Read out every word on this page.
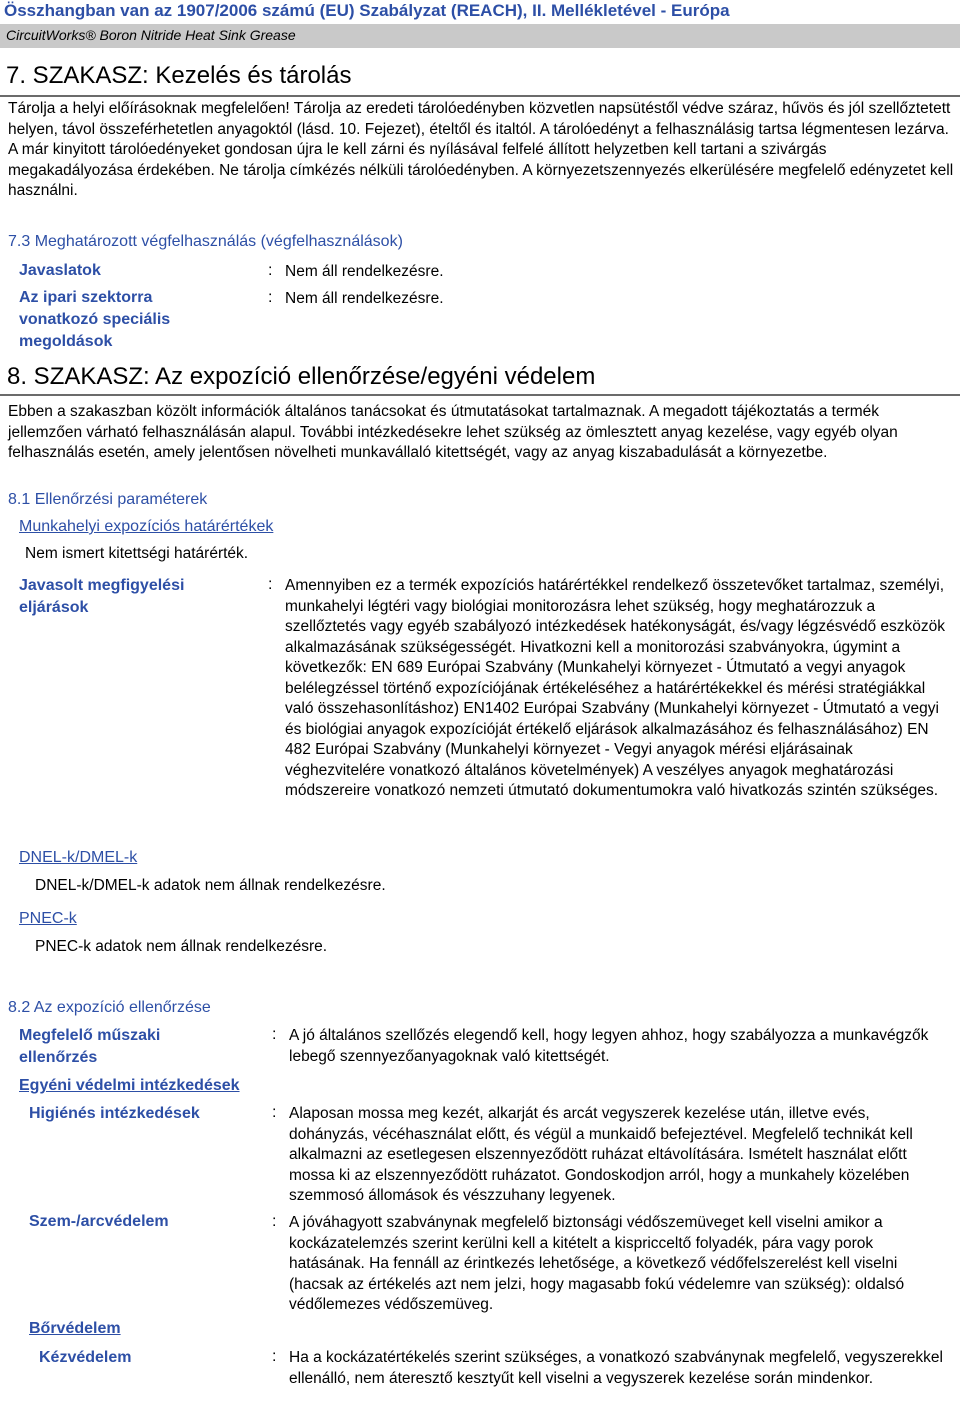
Összhangban van az 1907/2006 számú (EU) Szabályzat (REACH), II. Mellékletével - Európa
CircuitWorks® Boron Nitride Heat Sink Grease
7. SZAKASZ: Kezelés és tárolás
Tárolja a helyi előírásoknak megfelelően! Tárolja az eredeti tárolóedényben közvetlen napsütéstől védve száraz, hűvös és jól szellőztetett helyen, távol összeférhetetlen anyagoktól (lásd. 10. Fejezet), ételtől és italtól. A tárolóedényt a felhasználásig tartsa légmentesen lezárva. A már kinyitott tárolóedényeket gondosan újra le kell zárni és nyílásával felfelé állított helyzetben kell tartani a szivárgás megakadályozása érdekében. Ne tárolja címkézés nélküli tárolóedényben. A környezetszennyezés elkerülésére megfelelő edényzetet kell használni.
7.3 Meghatározott végfelhasználás (végfelhasználások)
Javaslatok	: Nem áll rendelkezésre.
Az ipari szektorra vonatkozó speciális megoldások
: Nem áll rendelkezésre.
8. SZAKASZ: Az expozíció ellenőrzése/egyéni védelem
Ebben a szakaszban közölt információk általános tanácsokat és útmutatásokat tartalmaznak. A megadott tájékoztatás a termék jellemzően várható felhasználásán alapul. További intézkedésekre lehet szükség az ömlesztett anyag kezelése, vagy egyéb olyan felhasználás esetén, amely jelentősen növelheti munkavállaló kitettségét, vagy az anyag kiszabadulását a környezetbe.
8.1 Ellenőrzési paraméterek
Munkahelyi expozíciós határértékek
Nem ismert kitettségi határérték.
Javasolt megfigyelési eljárások
: Amennyiben ez a termék expozíciós határértékkel rendelkező összetevőket tartalmaz, személyi, munkahelyi légtéri vagy biológiai monitorozásra lehet szükség, hogy meghatározzuk a szellőztetés vagy egyéb szabályozó intézkedések hatékonyságát, és/vagy légzésvédő eszközök alkalmazásának szükségességét. Hivatkozni kell a monitorozási szabványokra, úgymint a következők: EN 689 Európai Szabvány (Munkahelyi környezet - Útmutató a vegyi anyagok belélegzéssel történő expozíciójának értékeléséhez a határértékekkel és mérési stratégiákkal való összehasonlításhoz) EN1402 Európai Szabvány (Munkahelyi környezet - Útmutató a vegyi és biológiai anyagok expozícióját értékelő eljárások alkalmazásához és felhasználásához) EN 482 Európai Szabvány (Munkahelyi környezet - Vegyi anyagok mérési eljárásainak véghezvitelére vonatkozó általános követelmények) A veszélyes anyagok meghatározási módszereire vonatkozó nemzeti útmutató dokumentumokra való hivatkozás szintén szükséges.
DNEL-k/DMEL-k
DNEL-k/DMEL-k adatok nem állnak rendelkezésre.
PNEC-k
PNEC-k adatok nem állnak rendelkezésre.
8.2 Az expozíció ellenőrzése
Megfelelő műszaki ellenőrzés
: A jó általános szellőzés elegendő kell, hogy legyen ahhoz, hogy szabályozza a munkavégzők lebegő szennyezőanyagoknak való kitettségét.
Egyéni védelmi intézkedések
Higiénés intézkedések	: Alaposan mossa meg kezét, alkarját és arcát vegyszerek kezelése után, illetve evés, dohányzás, vécéhasználat előtt, és végül a munkaidő befejeztével. Megfelelő technikát kell alkalmazni az esetlegesen elszennyeződött ruházat eltávolítására. Ismételt használat előtt mossa ki az elszennyeződött ruházatot. Gondoskodjon arról, hogy a munkahely közelében szemmosó állomások és vészzuhany legyenek.
Szem-/arcvédelem	: A jóváhagyott szabványnak megfelelő biztonsági védőszemüveget kell viselni amikor a kockázatelemzés szerint kerülni kell a kitételt a kispricceltő folyadék, pára vagy porok hatásának. Ha fennáll az érintkezés lehetősége, a következő védőfelszerelést kell viselni (hacsak az értékelés azt nem jelzi, hogy magasabb fokú védelemre van szükség): oldalsó védőlemezes védőszemüveg.
Bőrvédelem
Kézvédelem	: Ha a kockázatértékelés szerint szükséges, a vonatkozó szabványnak megfelelő, vegyszerekkel ellenálló, nem áteresztő kesztyűt kell viselni a vegyszerek kezelése során mindenkor.
